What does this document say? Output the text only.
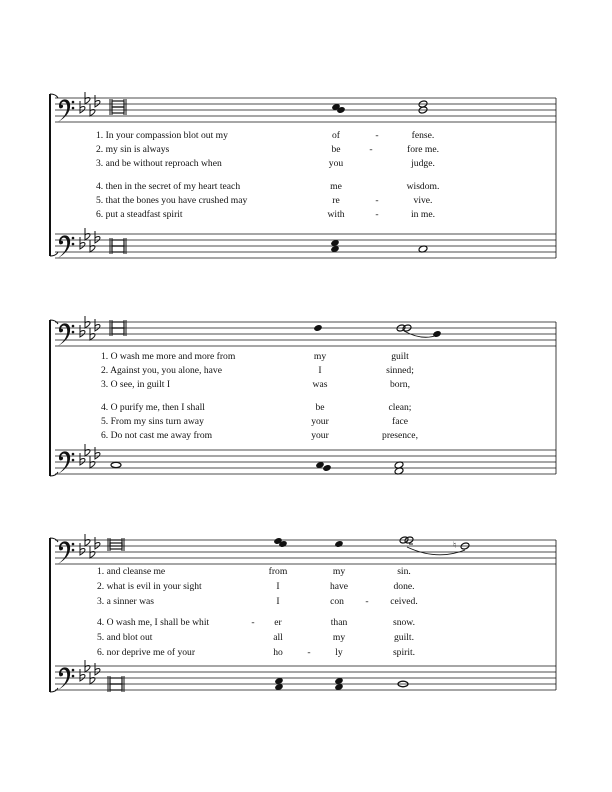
♮
1. In your compassion blot out my	of	-	fense.
2. my sin is always	be	-	fore me.
3. and be without reproach when	you	judge.
4. then in the secret of my heart teach	me	wisdom.
5. that the bones you have crushed may	re	-	vive.
6. put a steadfast spirit	with	-	in me.
1. O wash me more and more from	my	guilt
2. Against you, you alone, have	I	sinned;
3. O see, in guilt I	was	born,
4. O purify me, then I shall	be	clean;
5. From my sins turn away	your	face
6. Do not cast me away from	your	presence,
1. and cleanse me	from	my	sin.
2. what is evil in your sight	I	have	done.
3. a sinner was	I	con - ceived.
4. O wash me, I shall be whit	- er	than	snow.
5. and blot out	all	my	guilt.
6. nor deprive me of your	ho	-	ly	spirit.
